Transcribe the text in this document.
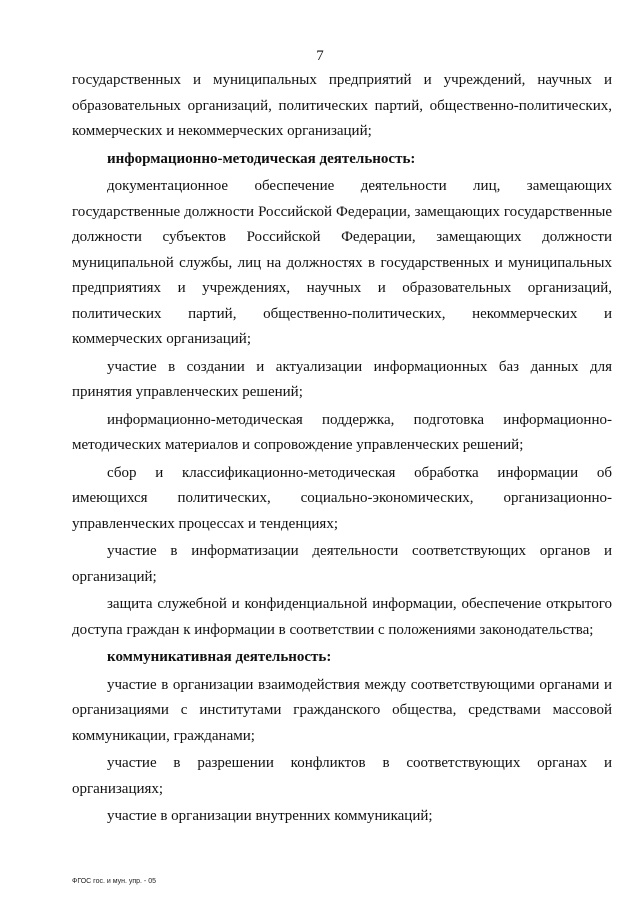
7

государственных и муниципальных предприятий и учреждений, научных и образовательных организаций, политических партий, общественно-политических, коммерческих и некоммерческих организаций;

информационно-методическая деятельность:

документационное обеспечение деятельности лиц, замещающих государственные должности Российской Федерации, замещающих государственные должности субъектов Российской Федерации, замещающих должности муниципальной службы, лиц на должностях в государственных и муниципальных предприятиях и учреждениях, научных и образовательных организаций, политических партий, общественно-политических, некоммерческих и коммерческих организаций;

участие в создании и актуализации информационных баз данных для принятия управленческих решений;

информационно-методическая поддержка, подготовка информационно-методических материалов и сопровождение управленческих решений;

сбор и классификационно-методическая обработка информации об имеющихся политических, социально-экономических, организационно-управленческих процессах и тенденциях;

участие в информатизации деятельности соответствующих органов и организаций;

защита служебной и конфиденциальной информации, обеспечение открытого доступа граждан к информации в соответствии с положениями законодательства;

коммуникативная деятельность:

участие в организации взаимодействия между соответствующими органами и организациями с институтами гражданского общества, средствами массовой коммуникации, гражданами;

участие в разрешении конфликтов в соответствующих органах и организациях;

участие в организации внутренних коммуникаций;

ФГОС гос. и мун. упр. - 05
